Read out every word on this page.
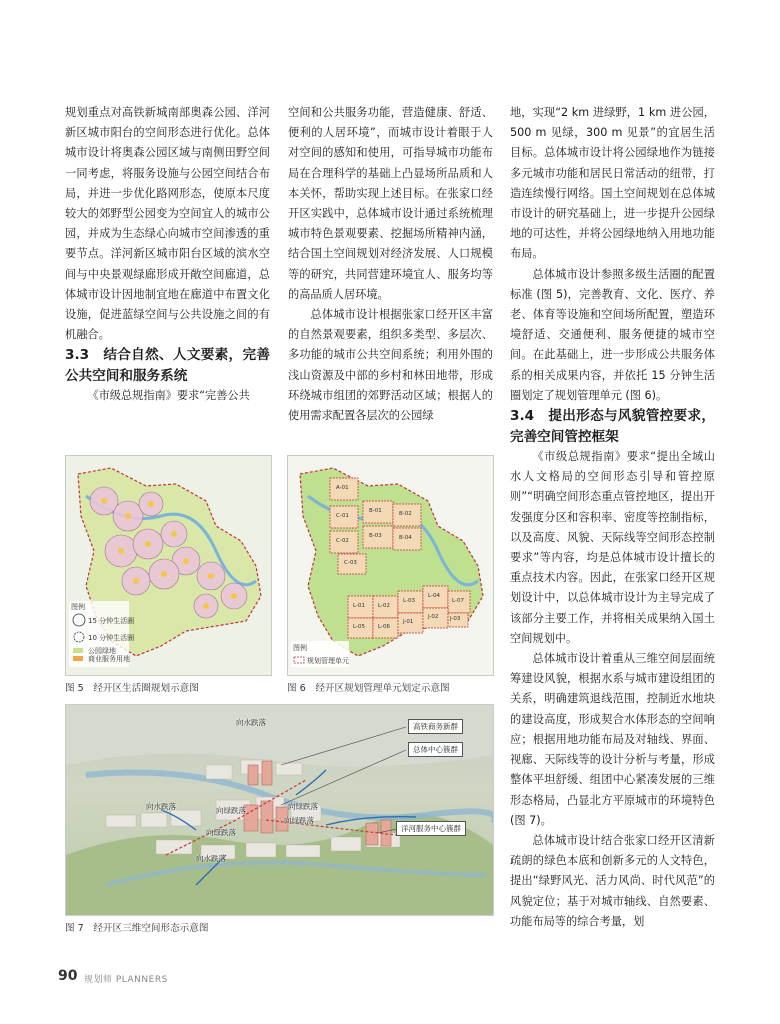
规划重点对高铁新城南部奥森公园、洋河新区城市阳台的空间形态进行优化。总体城市设计将奥森公园区域与南侧田野空间一同考虑，将服务设施与公园空间结合布局，并进一步优化路网形态，使原本尺度较大的郊野型公园变为空间宜人的城市公园，并成为生态绿心向城市空间渗透的重要节点。洋河新区城市阳台区域的滨水空间与中央景观绿廊形成开敞空间廊道，总体城市设计因地制宜地在廊道中布置文化设施，促进蓝绿空间与公共设施之间的有机融合。

3.3　结合自然、人文要素，完善公共空间和服务系统

《市级总规指南》要求“完善公共

空间和公共服务功能，营造健康、舒适、便利的人居环境”，而城市设计着眼于人对空间的感知和使用，可指导城市功能布局在合理科学的基础上凸显场所品质和人本关怀，帮助实现上述目标。在张家口经开区实践中，总体城市设计通过系统梳理城市特色景观要素、挖掘场所精神内涵，结合国土空间规划对经济发展、人口规模等的研究，共同营建环境宜人、服务均等的高品质人居环境。

总体城市设计根据张家口经开区丰富的自然景观要素，组织多类型、多层次、多功能的城市公共空间系统；利用外围的浅山资源及中部的乡村和林田地带，形成环绕城市组团的郊野活动区域；根据人的使用需求配置各层次的公园绿

地，实现“2 km 进绿野，1 km 进公园，500 m 见绿，300 m 见景”的宜居生活目标。总体城市设计将公园绿地作为链接多元城市功能和居民日常活动的纽带，打造连续慢行网络。国土空间规划在总体城市设计的研究基础上，进一步提升公园绿地的可达性，并将公园绿地纳入用地功能布局。

总体城市设计参照多级生活圈的配置标准 (图 5)，完善教育、文化、医疗、养老、体育等设施和空间场所配置，塑造环境舒适、交通便利、服务便捷的城市空间。在此基础上，进一步形成公共服务体系的相关成果内容，并依托 15 分钟生活圈划定了规划管理单元 (图 6)。

3.4　提出形态与风貌管控要求，完善空间管控框架

《市级总规指南》要求“提出全域山水人文格局的空间形态引导和管控原则”“明确空间形态重点管控地区，提出开发强度分区和容积率、密度等控制指标，以及高度、风貌、天际线等空间形态控制要求”等内容，均是总体城市设计擅长的重点技术内容。因此，在张家口经开区规划设计中，以总体城市设计为主导完成了该部分主要工作，并将相关成果纳入国土空间规划中。

总体城市设计着重从三维空间层面统筹建设风貌，根据水系与城市建设组团的关系，明确建筑退线范围，控制近水地块的建设高度，形成契合水体形态的空间响应；根据用地功能布局及对轴线、界面、视廊、天际线等的设计分析与考量，形成整体平坦舒缓、组团中心紧凑发展的三维形态格局，凸显北方平原城市的环境特色 (图 7)。

总体城市设计结合张家口经开区清新疏朗的绿色本底和创新多元的人文特色，提出“绿野风光、活力风尚、时代风范”的风貌定位；基于对城市轴线、自然要素、功能布局等的综合考量，划

图例
15 分钟生活圈
10 分钟生活圈
公园绿地
商业服务用地
图 5　经开区生活圈规划示意图
A-01
B-01	B-02
B-03	B-04
C-01
C-02
C-03
L-01 L-02
L-03
L-04
L-05 L-06
L-07
J-01
J-02 J-03
图例
规划管理单元
图 6　经开区规划管理单元划定示意图
高铁商务新群
总体中心簇群
洋河服务中心簇群
向水跌落
向水跌落	向绿跌落	向绿跌落
向绿跌落
向绿跌落
向水跌落
图 7　经开区三维空间形态示意图
90 规划师 PLANNERS
